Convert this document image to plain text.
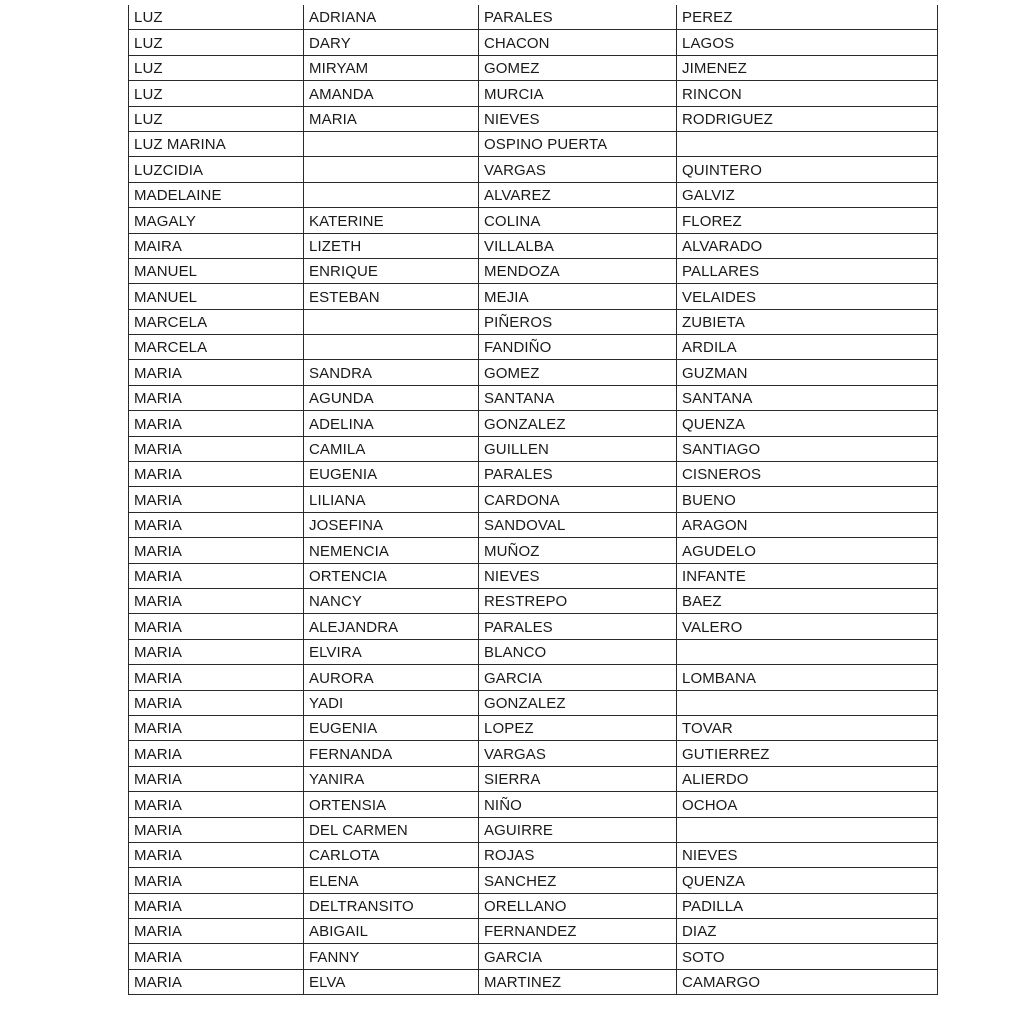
LUZ	ADRIANA	PARALES	PEREZ
LUZ	DARY	CHACON	LAGOS
LUZ	MIRYAM	GOMEZ	JIMENEZ
LUZ	AMANDA	MURCIA	RINCON
LUZ	MARIA	NIEVES	RODRIGUEZ
LUZ MARINA		OSPINO PUERTA	
LUZCIDIA		VARGAS	QUINTERO
MADELAINE		ALVAREZ	GALVIZ
MAGALY	KATERINE	COLINA	FLOREZ
MAIRA	LIZETH	VILLALBA	ALVARADO
MANUEL	ENRIQUE	MENDOZA	PALLARES
MANUEL	ESTEBAN	MEJIA	VELAIDES
MARCELA		PIÑEROS	ZUBIETA
MARCELA		FANDIÑO	ARDILA
MARIA	SANDRA	GOMEZ	GUZMAN
MARIA	AGUNDA	SANTANA	SANTANA
MARIA	ADELINA	GONZALEZ	QUENZA
MARIA	CAMILA	GUILLEN	SANTIAGO
MARIA	EUGENIA	PARALES	CISNEROS
MARIA	LILIANA	CARDONA	BUENO
MARIA	JOSEFINA	SANDOVAL	ARAGON
MARIA	NEMENCIA	MUÑOZ	AGUDELO
MARIA	ORTENCIA	NIEVES	INFANTE
MARIA	NANCY	RESTREPO	BAEZ
MARIA	ALEJANDRA	PARALES	VALERO
MARIA	ELVIRA	BLANCO	
MARIA	AURORA	GARCIA	LOMBANA
MARIA	YADI	GONZALEZ	
MARIA	EUGENIA	LOPEZ	TOVAR
MARIA	FERNANDA	VARGAS	GUTIERREZ
MARIA	YANIRA	SIERRA	ALIERDO
MARIA	ORTENSIA	NIÑO	OCHOA
MARIA	DEL CARMEN	AGUIRRE	
MARIA	CARLOTA	ROJAS	NIEVES
MARIA	ELENA	SANCHEZ	QUENZA
MARIA	DELTRANSITO	ORELLANO	PADILLA
MARIA	ABIGAIL	FERNANDEZ	DIAZ
MARIA	FANNY	GARCIA	SOTO
MARIA	ELVA	MARTINEZ	CAMARGO
